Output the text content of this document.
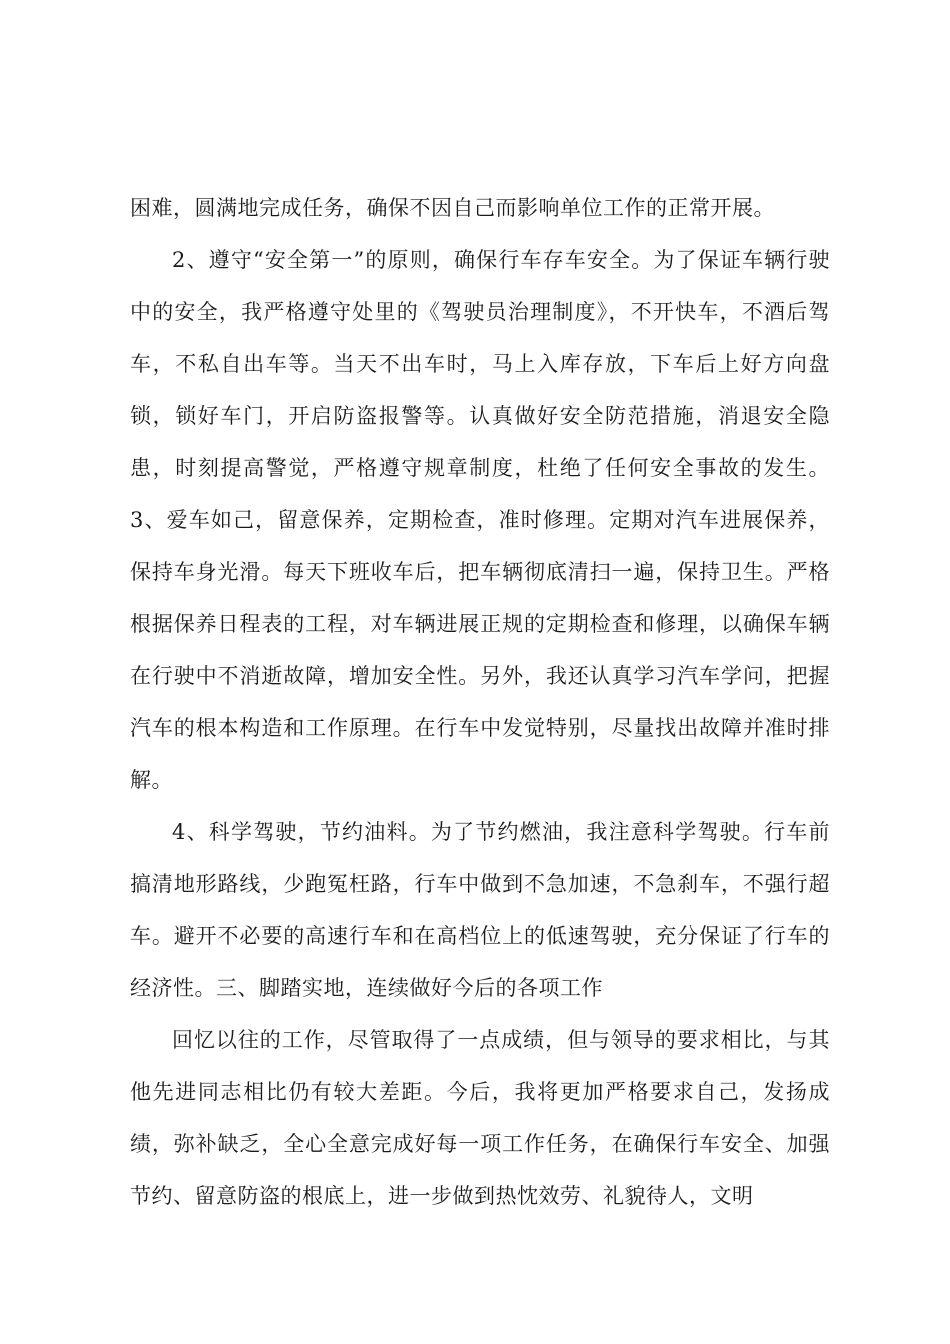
困难，圆满地完成任务，确保不因自己而影响单位工作的正常开展。

2、遵守“安全第一”的原则，确保行车存车安全。为了保证车辆行驶中的安全，我严格遵守处里的《驾驶员治理制度》，不开快车，不酒后驾车，不私自出车等。当天不出车时，马上入库存放，下车后上好方向盘锁，锁好车门，开启防盗报警等。认真做好安全防范措施，消退安全隐患，时刻提高警觉，严格遵守规章制度，杜绝了任何安全事故的发生。3、爱车如己，留意保养，定期检查，准时修理。定期对汽车进展保养，保持车身光滑。每天下班收车后，把车辆彻底清扫一遍，保持卫生。严格根据保养日程表的工程，对车辆进展正规的定期检查和修理，以确保车辆在行驶中不消逝故障，增加安全性。另外，我还认真学习汽车学问，把握汽车的根本构造和工作原理。在行车中发觉特别，尽量找出故障并准时排解。

4、科学驾驶，节约油料。为了节约燃油，我注意科学驾驶。行车前搞清地形路线，少跑冤枉路，行车中做到不急加速，不急刹车，不强行超车。避开不必要的高速行车和在高档位上的低速驾驶，充分保证了行车的经济性。三、脚踏实地，连续做好今后的各项工作

回忆以往的工作，尽管取得了一点成绩，但与领导的要求相比，与其他先进同志相比仍有较大差距。今后，我将更加严格要求自己，发扬成绩，弥补缺乏，全心全意完成好每一项工作任务，在确保行车安全、加强节约、留意防盗的根底上，进一步做到热忱效劳、礼貌待人，文明
